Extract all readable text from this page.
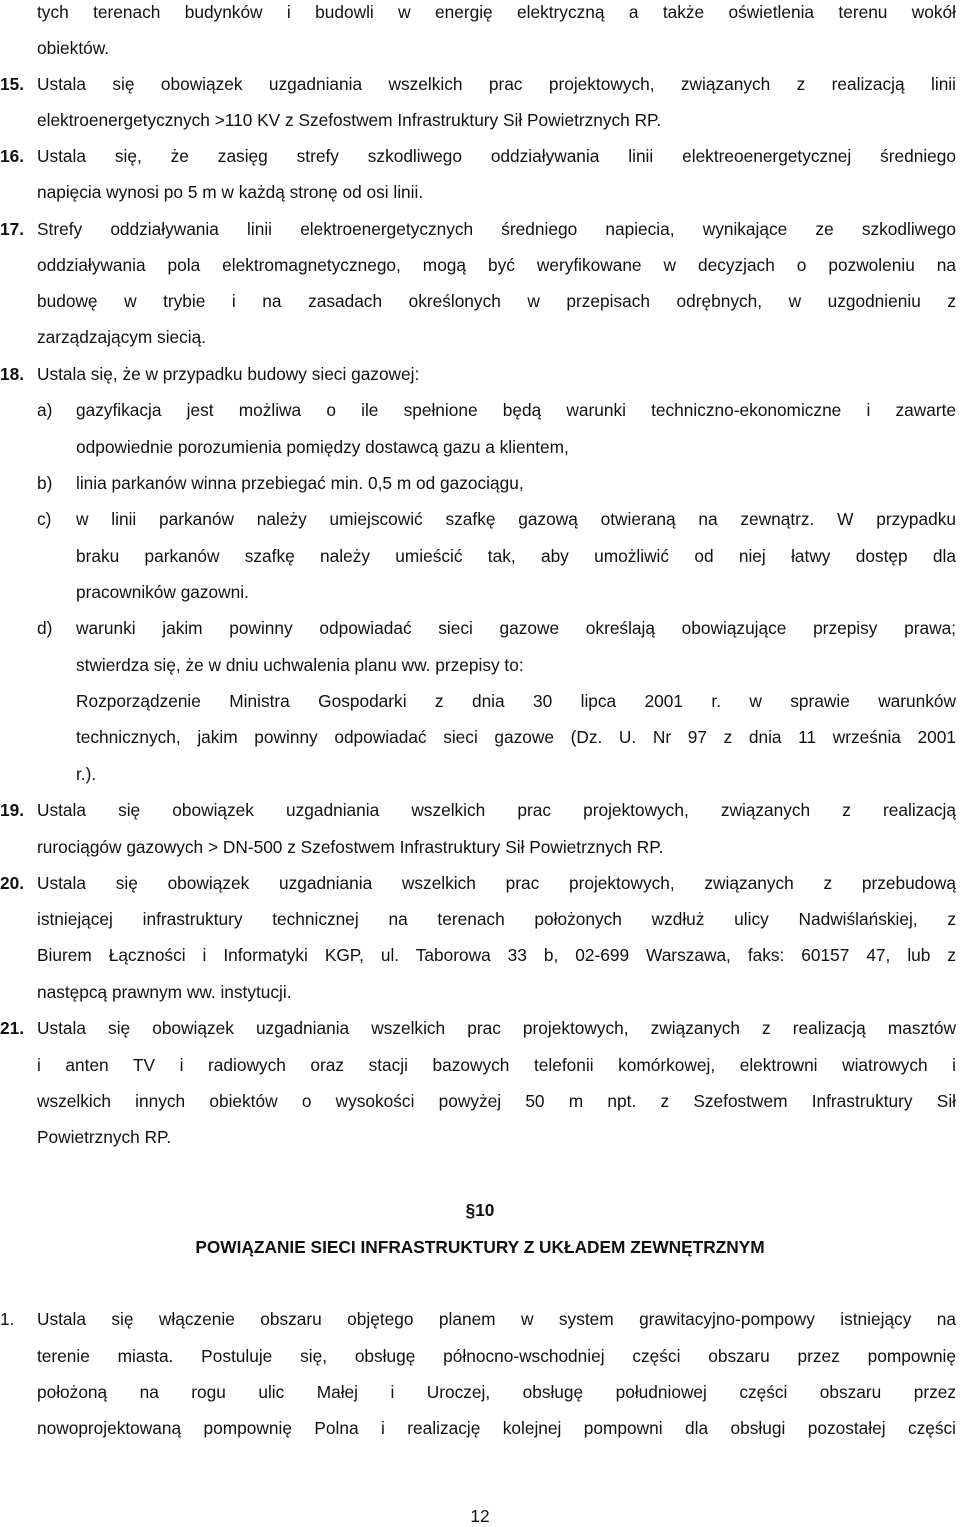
tych terenach budynków i budowli w energię elektryczną a także oświetlenia terenu wokół
obiektów.
15. Ustala się obowiązek uzgadniania wszelkich prac projektowych, związanych z realizacją linii
elektroenergetycznych >110 KV z Szefostwem Infrastruktury Sił Powietrznych RP.
16. Ustala się, że zasięg strefy szkodliwego oddziaływania linii elektreoenergetycznej średniego
napięcia wynosi po 5 m w każdą stronę od osi linii.
17. Strefy oddziaływania linii elektroenergetycznych średniego napiecia, wynikające ze szkodliwego
oddziaływania pola elektromagnetycznego, mogą być weryfikowane w decyzjach o pozwoleniu na
budowę w trybie i na zasadach określonych w przepisach odrębnych, w uzgodnieniu z
zarządzającym siecią.
18. Ustala się, że w przypadku budowy sieci gazowej:
a) gazyfikacja jest możliwa o ile spełnione będą warunki techniczno-ekonomiczne i zawarte
odpowiednie porozumienia pomiędzy dostawcą gazu a klientem,
b) linia parkanów winna przebiegać min. 0,5 m od gazociągu,
c) w linii parkanów należy umiejscowić szafkę gazową otwieraną na zewnątrz. W przypadku
braku parkanów szafkę należy umieścić tak, aby umożliwić od niej łatwy dostęp dla
pracowników gazowni.
d) warunki jakim powinny odpowiadać sieci gazowe określają obowiązujące przepisy prawa;
stwierdza się, że w dniu uchwalenia planu ww. przepisy to:
Rozporządzenie Ministra Gospodarki z dnia 30 lipca 2001 r. w sprawie warunków
technicznych, jakim powinny odpowiadać sieci gazowe (Dz. U. Nr 97 z dnia 11 września 2001
r.).
19. Ustala się obowiązek uzgadniania wszelkich prac projektowych, związanych z realizacją
rurociągów gazowych > DN-500 z Szefostwem Infrastruktury Sił Powietrznych RP.
20. Ustala się obowiązek uzgadniania wszelkich prac projektowych, związanych z przebudową
istniejącej infrastruktury technicznej na terenach położonych wzdłuż ulicy Nadwiślańskiej, z
Biurem Łączności i Informatyki KGP, ul. Taborowa 33 b, 02-699 Warszawa, faks: 60157 47, lub z
następcą prawnym ww. instytucji.
21. Ustala się obowiązek uzgadniania wszelkich prac projektowych, związanych z realizacją masztów
i anten TV i radiowych oraz stacji bazowych telefonii komórkowej, elektrowni wiatrowych i
wszelkich innych obiektów o wysokości powyżej 50 m npt. z Szefostwem Infrastruktury Sił
Powietrznych RP.
§10
POWIĄZANIE SIECI INFRASTRUKTURY Z UKŁADEM ZEWNĘTRZNYM
1. Ustala się włączenie obszaru objętego planem w system grawitacyjno-pompowy istniejący na
terenie miasta. Postuluje się, obsługę północno-wschodniej części obszaru przez pompownię
położoną na rogu ulic Małej i Uroczej, obsługę południowej części obszaru przez
nowoprojektowaną pompownię Polna i realizację kolejnej pompowni dla obsługi pozostałej części
12
